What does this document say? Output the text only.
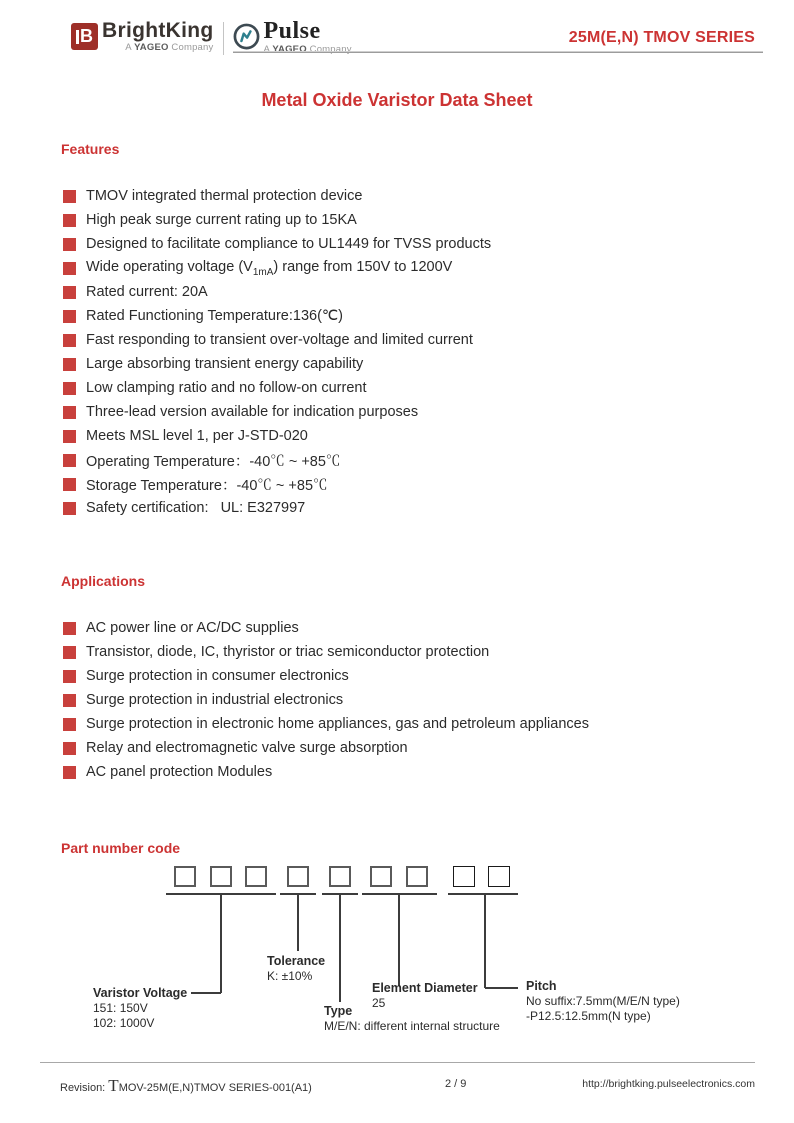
B BrightKing
A YAGEO Company
Pulse
A YAGEO Company
25M(E,N) TMOV SERIES
Metal Oxide Varistor Data Sheet
Features
TMOV integrated thermal protection device
High peak surge current rating up to 15KA
Designed to facilitate compliance to UL1449 for TVSS products
Wide operating voltage $(V_{1mA})$ range from 150V to 1200V
Rated current: 20A
Rated Functioning Temperature:136(℃)
Fast responding to transient over-voltage and limited current
Large absorbing transient energy capability
Low clamping ratio and no follow-on current
Three-lead version available for indication purposes
Meets MSL level 1, per J-STD-020
Operating Temperature：-40℃ ~ +85℃
Storage Temperature：-40℃ ~ +85℃
Safety certification:   UL: E327997
Applications
AC power line or AC/DC supplies
Transistor, diode, IC, thyristor or triac semiconductor protection
Surge protection in consumer electronics
Surge protection in industrial electronics
Surge protection in electronic home appliances, gas and petroleum appliances
Relay and electromagnetic valve surge absorption
AC panel protection Modules
Part number code
Varistor Voltage
151: 150V
102: 1000V
Tolerance
K: ±10%
Type
M/E/N: different internal structure
Element Diameter
25
Pitch
No suffix:7.5mm(M/E/N type)
-P12.5:12.5mm(N type)
Revision: TMOV-25M(E,N)TMOV SERIES-001(A1)	2 / 9	http://brightking.pulseelectronics.com
